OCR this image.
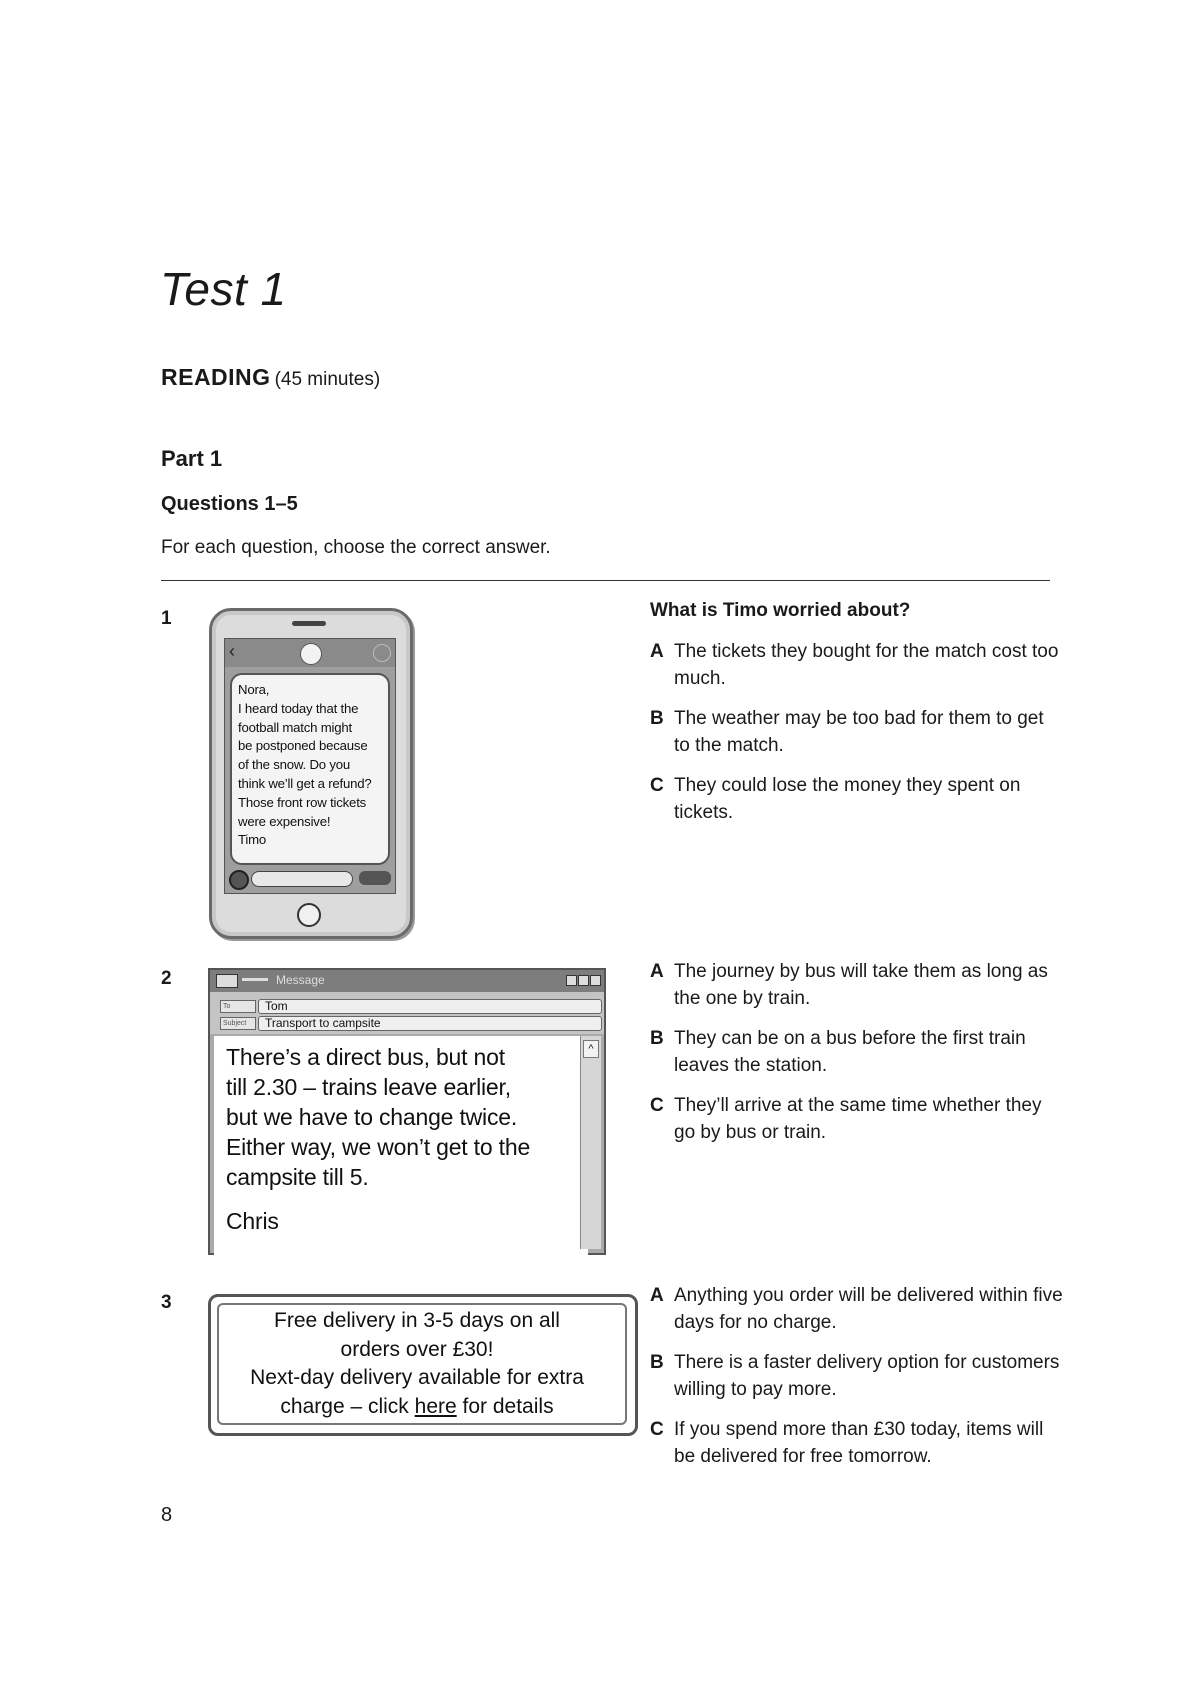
Test 1
READING (45 minutes)
Part 1
Questions 1–5
For each question, choose the correct answer.
1
‹
Nora,
I heard today that the
football match might
be postponed because
of the snow. Do you
think we’ll get a refund?
Those front row tickets
were expensive!
Timo
What is Timo worried about?
A The tickets they bought for the match cost too much.
B The weather may be too bad for them to get to the match.
C They could lose the money they spent on tickets.
2	Message
To	Tom
Subject	Transport to campsite
There’s a direct bus, but not
till 2.30 – trains leave earlier,
but we have to change twice.
Either way, we won’t get to the
campsite till 5.
Chris
^
A The journey by bus will take them as long as the one by train.
B They can be on a bus before the first train leaves the station.
C They’ll arrive at the same time whether they go by bus or train.
3
Free delivery in 3-5 days on all
orders over £30!
Next-day delivery available for extra
charge – click here for details
A Anything you order will be delivered within five days for no charge.
B There is a faster delivery option for customers willing to pay more.
C If you spend more than £30 today, items will be delivered for free tomorrow.
8
